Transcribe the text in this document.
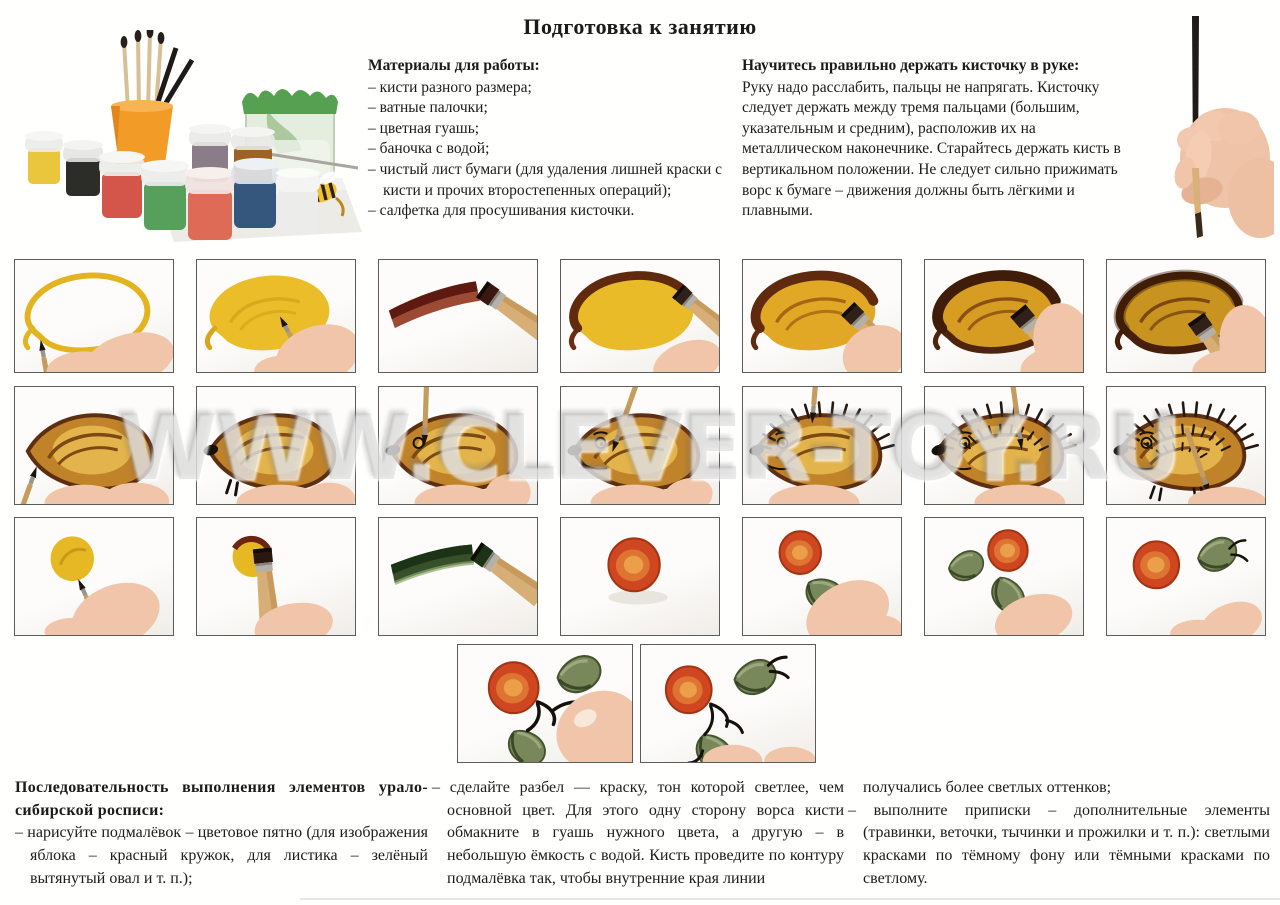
Подготовка к занятию
Материалы для работы:
– кисти разного размера;
– ватные палочки;
– цветная гуашь;
– баночка с водой;
– чистый лист бумаги (для удаления лишней краски с кисти и прочих второстепенных операций);
– салфетка для просушивания кисточки.
Научитесь правильно держать кисточку в руке:
Руку надо расслабить, пальцы не напрягать. Кисточку следует держать между тремя пальцами (большим, указательным и средним), расположив их на металлическом наконечнике. Старайтесь держать кисть в вертикальном положении. Не следует сильно прижимать ворс к бумаге – движения должны быть лёгкими и плавными.
WWW.CLEVER-TOY.RU
Последовательность выполнения элементов урало-сибирской росписи:
– нарисуйте подмалёвок – цветовое пятно (для изображения яблока – красный кружок, для листика – зелёный вытянутый овал и т. п.);
– сделайте разбел — краску, тон которой светлее, чем основной цвет. Для этого одну сторону ворса кисти обмакните в гуашь нужного цвета, а другую – в небольшую ёмкость с водой. Кисть проведите по контуру подмалёвка так, чтобы внутренние края линии
получались более светлых оттенков;
– выполните приписки – дополнительные элементы (травинки, веточки, тычинки и прожилки и т. п.): светлыми красками по тёмному фону или тёмными красками по светлому.
